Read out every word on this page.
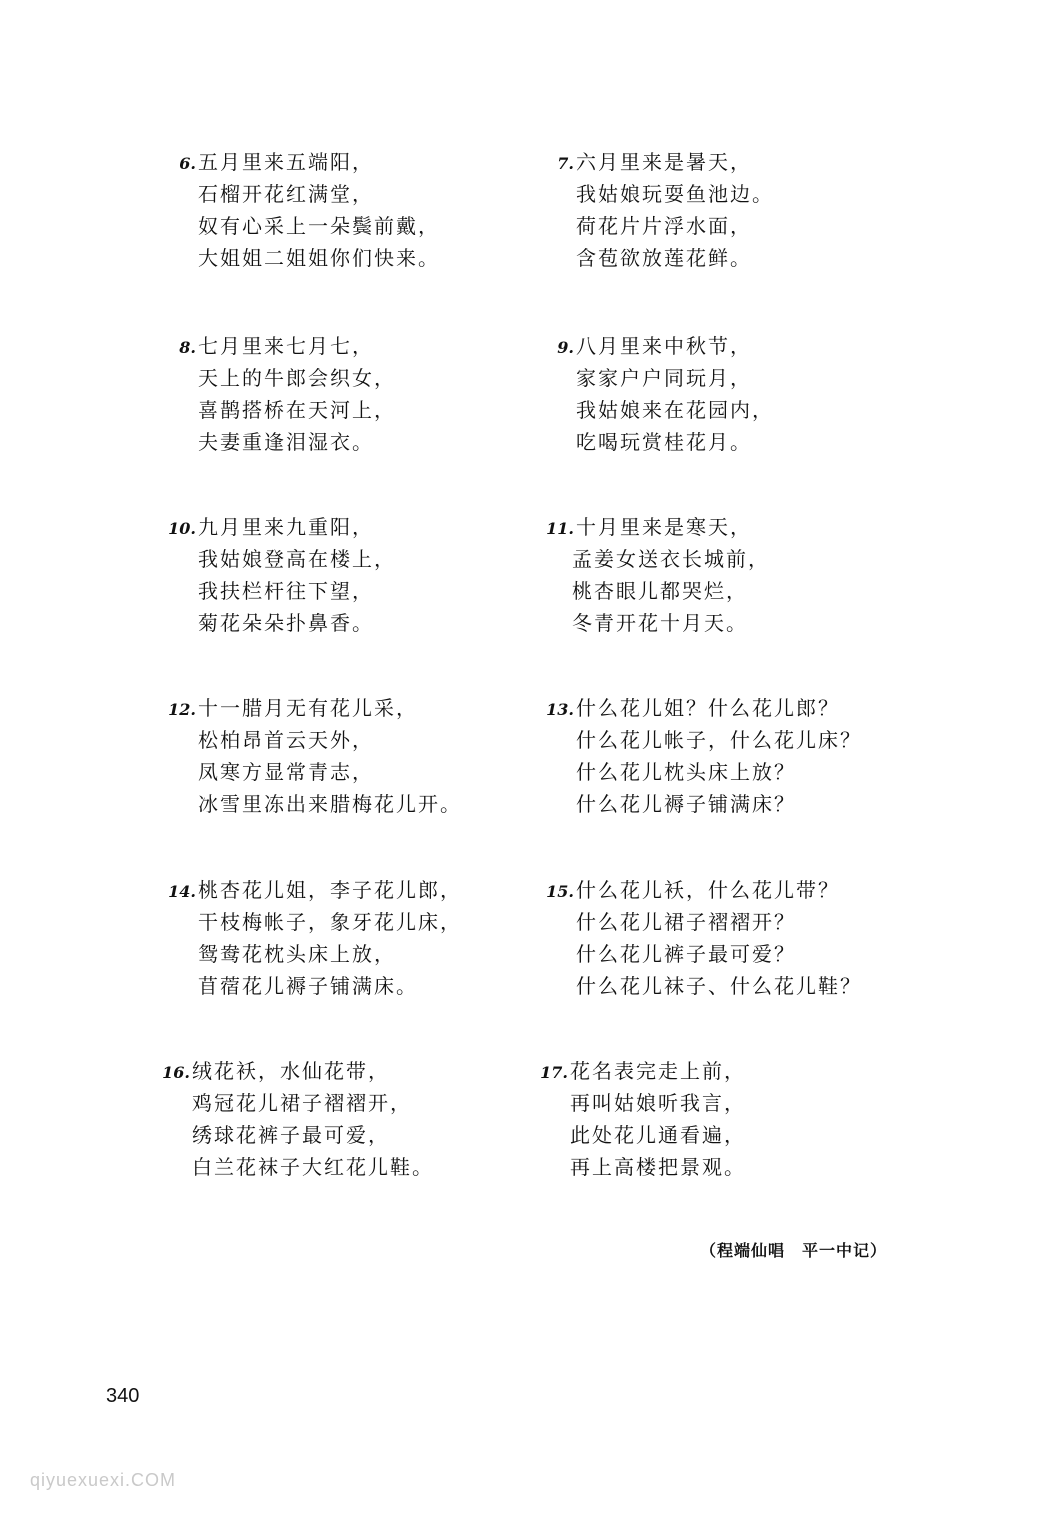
6. 五月里来五端阳，
石榴开花红满堂，
奴有心采上一朵鬓前戴，
大姐姐二姐姐你们快来。
7. 六月里来是暑天，
我姑娘玩耍鱼池边。
荷花片片浮水面，
含苞欲放莲花鲜。
8. 七月里来七月七，
天上的牛郎会织女，
喜鹊搭桥在天河上，
夫妻重逢泪湿衣。
9. 八月里来中秋节，
家家户户同玩月，
我姑娘来在花园内，
吃喝玩赏桂花月。
10. 九月里来九重阳，
我姑娘登高在楼上，
我扶栏杆往下望，
菊花朵朵扑鼻香。
11. 十月里来是寒天，
孟姜女送衣长城前，
桃杏眼儿都哭烂，
冬青开花十月天。
12. 十一腊月无有花儿采，
松柏昂首云天外，
凤寒方显常青志，
冰雪里冻出来腊梅花儿开。
13. 什么花儿姐？什么花儿郎？
什么花儿帐子，什么花儿床？
什么花儿枕头床上放？
什么花儿褥子铺满床？
14. 桃杏花儿姐，李子花儿郎，
干枝梅帐子，象牙花儿床，
鸳鸯花枕头床上放，
苜蓿花儿褥子铺满床。
15. 什么花儿袄，什么花儿带？
什么花儿裙子褶褶开？
什么花儿裤子最可爱？
什么花儿袜子、什么花儿鞋？
16. 绒花袄，水仙花带，
鸡冠花儿裙子褶褶开，
绣球花裤子最可爱，
白兰花袜子大红花儿鞋。
17. 花名表完走上前，
再叫姑娘听我言，
此处花儿通看遍，
再上高楼把景观。
（程端仙唱　平一中记）
340
qiyuexuexi.COM
